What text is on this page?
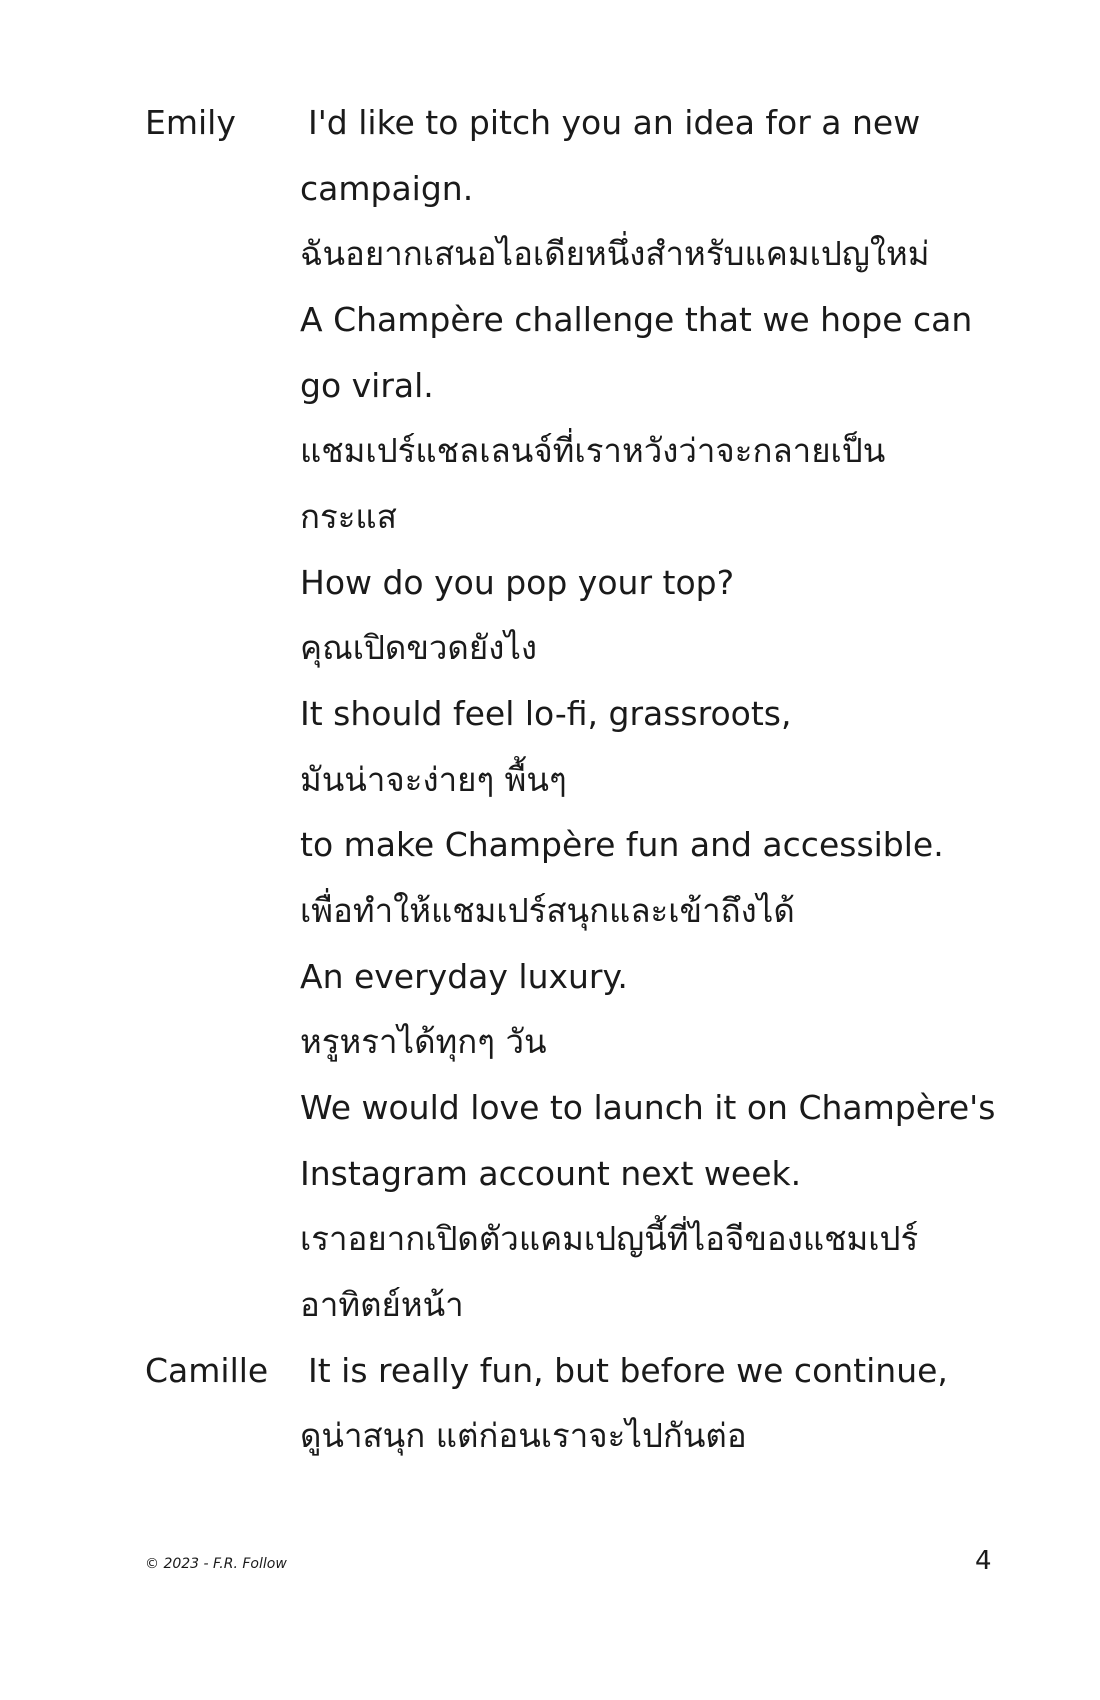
Emily I'd like to pitch you an idea for a new
campaign.
ฉันอยากเสนอไอเดียหนึ่งสำหรับแคมเปญใหม่
A Champère challenge that we hope can
go viral.
แชมเปร์แชลเลนจ์ที่เราหวังว่าจะกลายเป็น
กระแส
How do you pop your top?
คุณเปิดขวดยังไง
It should feel lo-fi, grassroots,
มันน่าจะง่ายๆ พื้นๆ
to make Champère fun and accessible.
เพื่อทำให้แชมเปร์สนุกและเข้าถึงได้
An everyday luxury.
หรูหราได้ทุกๆ วัน
We would love to launch it on Champère's
Instagram account next week.
เราอยากเปิดตัวแคมเปญนี้ที่ไอจีของแชมเปร์
อาทิตย์หน้า
Camille It is really fun, but before we continue,
ดูน่าสนุก แต่ก่อนเราจะไปกันต่อ
© 2023 - F.R. Follow	4
